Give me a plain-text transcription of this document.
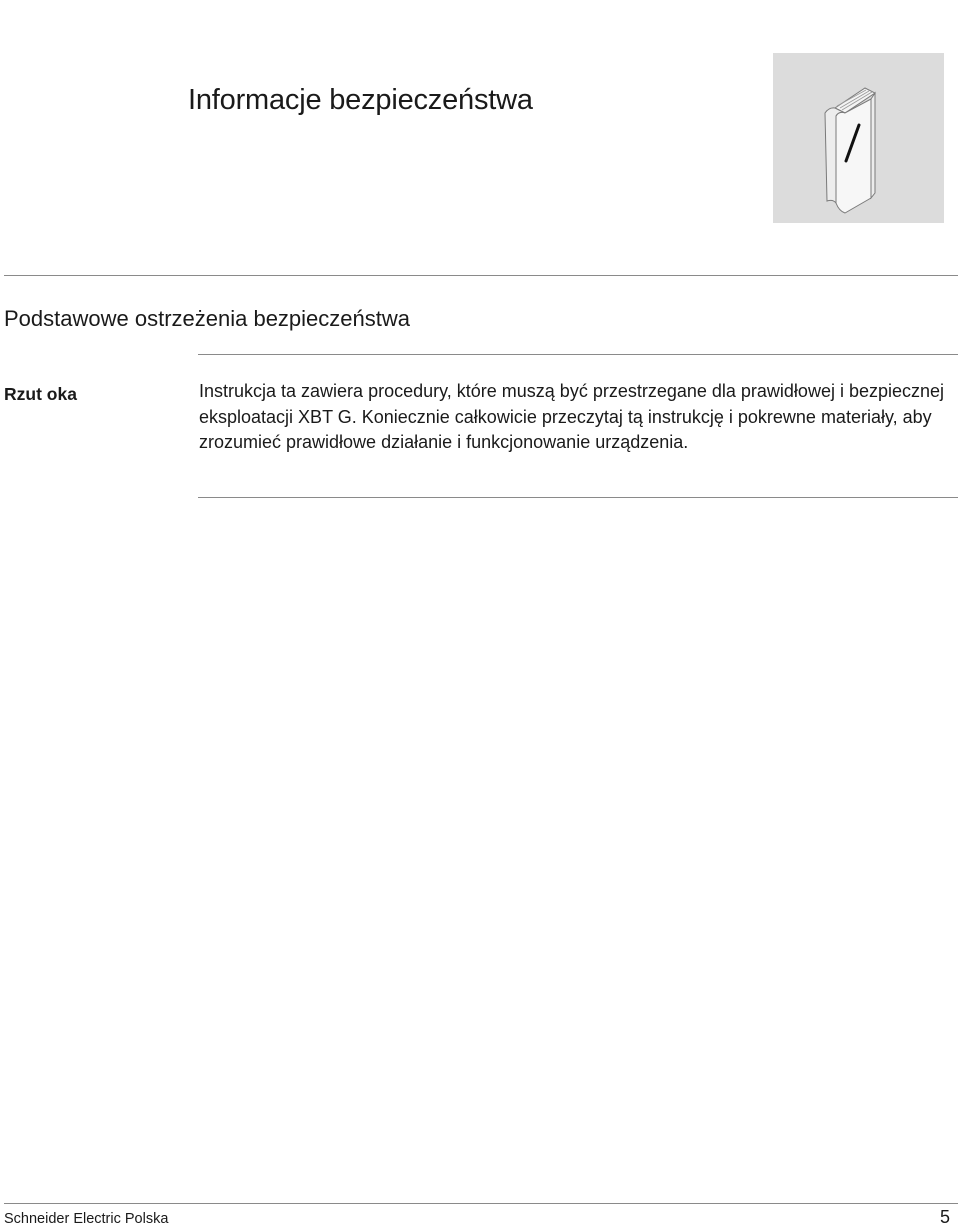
Informacje bezpieczeństwa
Podstawowe ostrzeżenia bezpieczeństwa
Rzut oka	Instrukcja ta zawiera procedury, które muszą być przestrzegane dla prawidłowej i bezpiecznej eksploatacji XBT G. Koniecznie całkowicie przeczytaj tą instrukcję i pokrewne materiały, aby zrozumieć prawidłowe działanie i funkcjonowanie urządzenia.

Schneider Electric Polska	5
